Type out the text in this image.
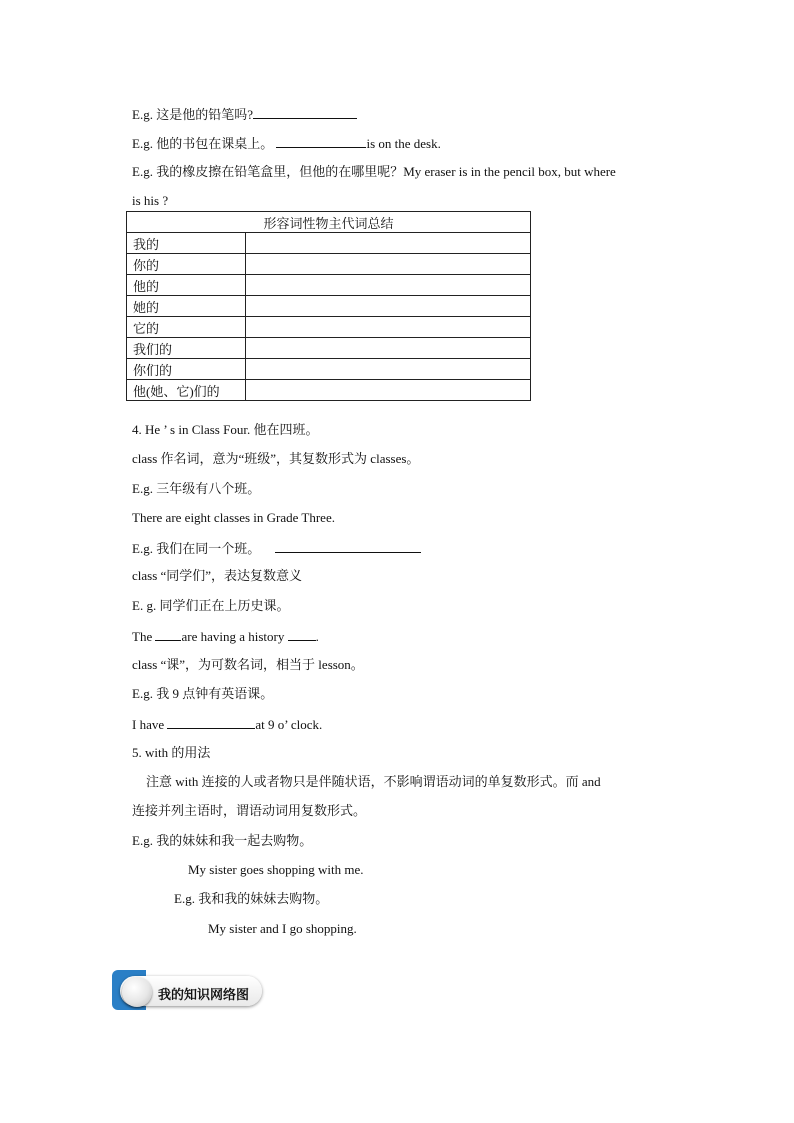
E.g. 这是他的铅笔吗?
E.g. 他的书包在课桌上。	is on the desk.
E.g. 我的橡皮擦在铅笔盒里，但他的在哪里呢？My eraser is in the pencil box, but where
is his ?
形容词性物主代词总结	
我的	
你的	
他的	
她的	
它的	
我们的	
你们的	
他(她、它)们的	
4. He ’ s in Class Four. 他在四班。
class 作名词，意为“班级”，其复数形式为 classes。
E.g. 三年级有八个班。
There are eight classes in Grade Three.
E.g. 我们在同一个班。
class “同学们”，表达复数意义
E. g. 同学们正在上历史课。
The are having a history .
class “课”，为可数名词，相当于 lesson。
E.g. 我 9 点钟有英语课。
I have	at 9 o’ clock.
5. with 的用法
注意 with 连接的人或者物只是伴随状语，不影响谓语动词的单复数形式。而 and
连接并列主语时，谓语动词用复数形式。
E.g. 我的妹妹和我一起去购物。
My sister goes shopping with me.
E.g. 我和我的妹妹去购物。
My sister and I go shopping.
我的知识网络图
